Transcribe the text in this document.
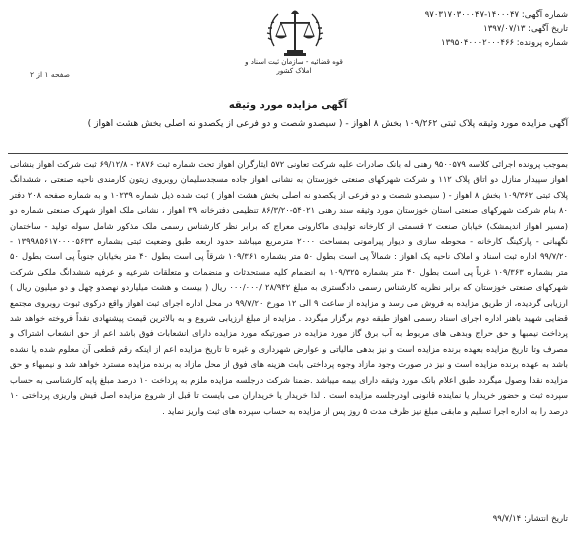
شماره آگهی: ۱۴۰۰۰۴۷-۹۷۰۳۱۷۰۳۰۰۰۴۷
تاریخ آگهی: ۱۳۹۷/۰۷/۱۳
شماره پرونده: ۱۳۹۵۰۴۰۰۰۲۰۰۰۴۶۶
قوه قضائیه - سازمان ثبت اسناد و املاک کشور
صفحه ۱ از ۲
آگهی مزایده مورد وثیقه
آگهی مزایده مورد وثیقه پلاک ثبتی ۱۰۹/۲۶۲ بخش ۸ اهواز - ( سیصدو شصت و دو فرعی از یکصدو نه اصلی بخش هشت اهواز )
بموجب پرونده اجرائی کلاسه ۹۵۰۰۵۷۹ رهنی له بانک صادرات علیه شرکت تعاونی ۵۷۲ ایثارگران اهواز تحت شماره ثبت ۲۸۷۶ - ۶۹/۱۲/۸ ثبت شرکت اهواز بنشانی اهواز سپیدار منازل دو اتاق پلاک ۱۱۲ و شرکت شهرکهای صنعتی خوزستان به نشانی اهواز جاده مسجدسلیمان روبروی زیتون کارمندی ناحیه صنعتی ، ششدانگ پلاک ثبتی ۱۰۹/۳۶۲ بخش ۸ اهواز - ( سیصدو شصت و دو فرعی از یکصدو نه اصلی بخش هشت اهواز ) ثبت شده ذیل شماره ۱۰۲۳۹ و به شماره صفحه ۲۰۸ دفتر ۸۰ بنام شرکت شهرکهای صنعتی استان خوزستان مورد وثیقه سند رهنی ۵۴۰۲۱-۸۶/۳/۲۰ تنظیمی دفترخانه ۳۹ اهواز ، نشانی ملک اهواز شهرک صنعتی شماره دو (مسیر اهواز اندیمشک) خیابان صنعت ۲ قسمتی از کارخانه تولیدی ماکارونی معراج که برابر نظر کارشناس رسمی ملک مذکور شامل سوله تولید - ساختمان نگهبانی - پارکینگ کارخانه - محوطه سازی و دیوار پیرامونی بمساحت ۲۰۰۰ مترمربع میباشد حدود اربعه طبق وضعیت ثبتی بشماره ۱۳۹۹۸۵۶۱۷۰۰۰۰۵۶۳۳ - ۹۹/۷/۲۰ اداره ثبت اسناد و املاک ناحیه یک اهواز : شمالاً پی است بطول ۵۰ متر بشماره ۱۰۹/۳۶۱ شرقاً پی است بطول ۴۰ متر بخیابان جنوباً پی است بطول ۵۰ متر بشماره ۱۰۹/۳۶۳ غرباً پی است بطول ۴۰ متر بشماره ۱۰۹/۳۲۵ به انضمام کلیه مستحدثات و منضمات و متعلقات شرعیه و عرفیه ششدانگ ملکی شرکت شهرکهای صنعتی خوزستان که برابر نظریه کارشناس رسمی دادگستری به مبلغ ۲۸/۹۴۲ /۰۰۰/۰۰۰ ریال ( بیست و هشت میلیاردو نهصدو چهل و دو میلیون ریال ) ارزیابی گردیده، از طریق مزایده به فروش می رسد و مزایده از ساعت ۹ الی ۱۲ مورخ ۹۹/۷/۲۰ در محل اداره اجرای ثبت اهواز واقع درکوی ثبوت روبروی مجتمع قضایی شهید باهنر اداره اجرای اسناد رسمی اهواز طبقه دوم برگزار میگردد . مزایده از مبلغ ارزیابی شروع و به بالاترین قیمت پیشنهادی نقداً فروخته خواهد شد پرداخت نیمبها و حق حراج وبدهی های مربوط به آب برق گاز مورد مزایده در صورتیکه مورد مزایده دارای انشعابات فوق باشد اعم از حق انشعاب اشتراک و مصرف وتا تاریخ مزایده بعهده برنده مزایده است و نیز بدهی مالیاتی و عوارض شهرداری و غیره تا تاریخ مزایده اعم از اینکه رقم قطعی آن معلوم شده یا نشده باشد به عهده برنده مزایده است و نیز در صورت وجود مازاد وجوه پرداختی بابت هزینه های فوق از محل مازاد به برنده مزایده مسترد خواهد شد و نیمبهاء و حق مزایده نقدا وصول میگردد طبق اعلام بانک مورد وثیقه دارای بیمه میباشد .ضمنا شرکت درجلسه مزایده ملزم به پرداخت ۱۰ درصد مبلغ پایه کارشناسی به حساب سپرده ثبت و حضور خریدار یا نماینده قانونی اودرجلسه مزایده است . لذا خریدار یا خریداران می بایست تا قبل از شروع مزایده اصل فیش واریزی پرداختی ۱۰ درصد را به اداره اجرا تسلیم و مابقی مبلغ نیز ظرف مدت ۵ روز پس از مزایده به حساب سپرده های ثبت واریز نماید .
تاریخ انتشار: ۹۹/۷/۱۴
